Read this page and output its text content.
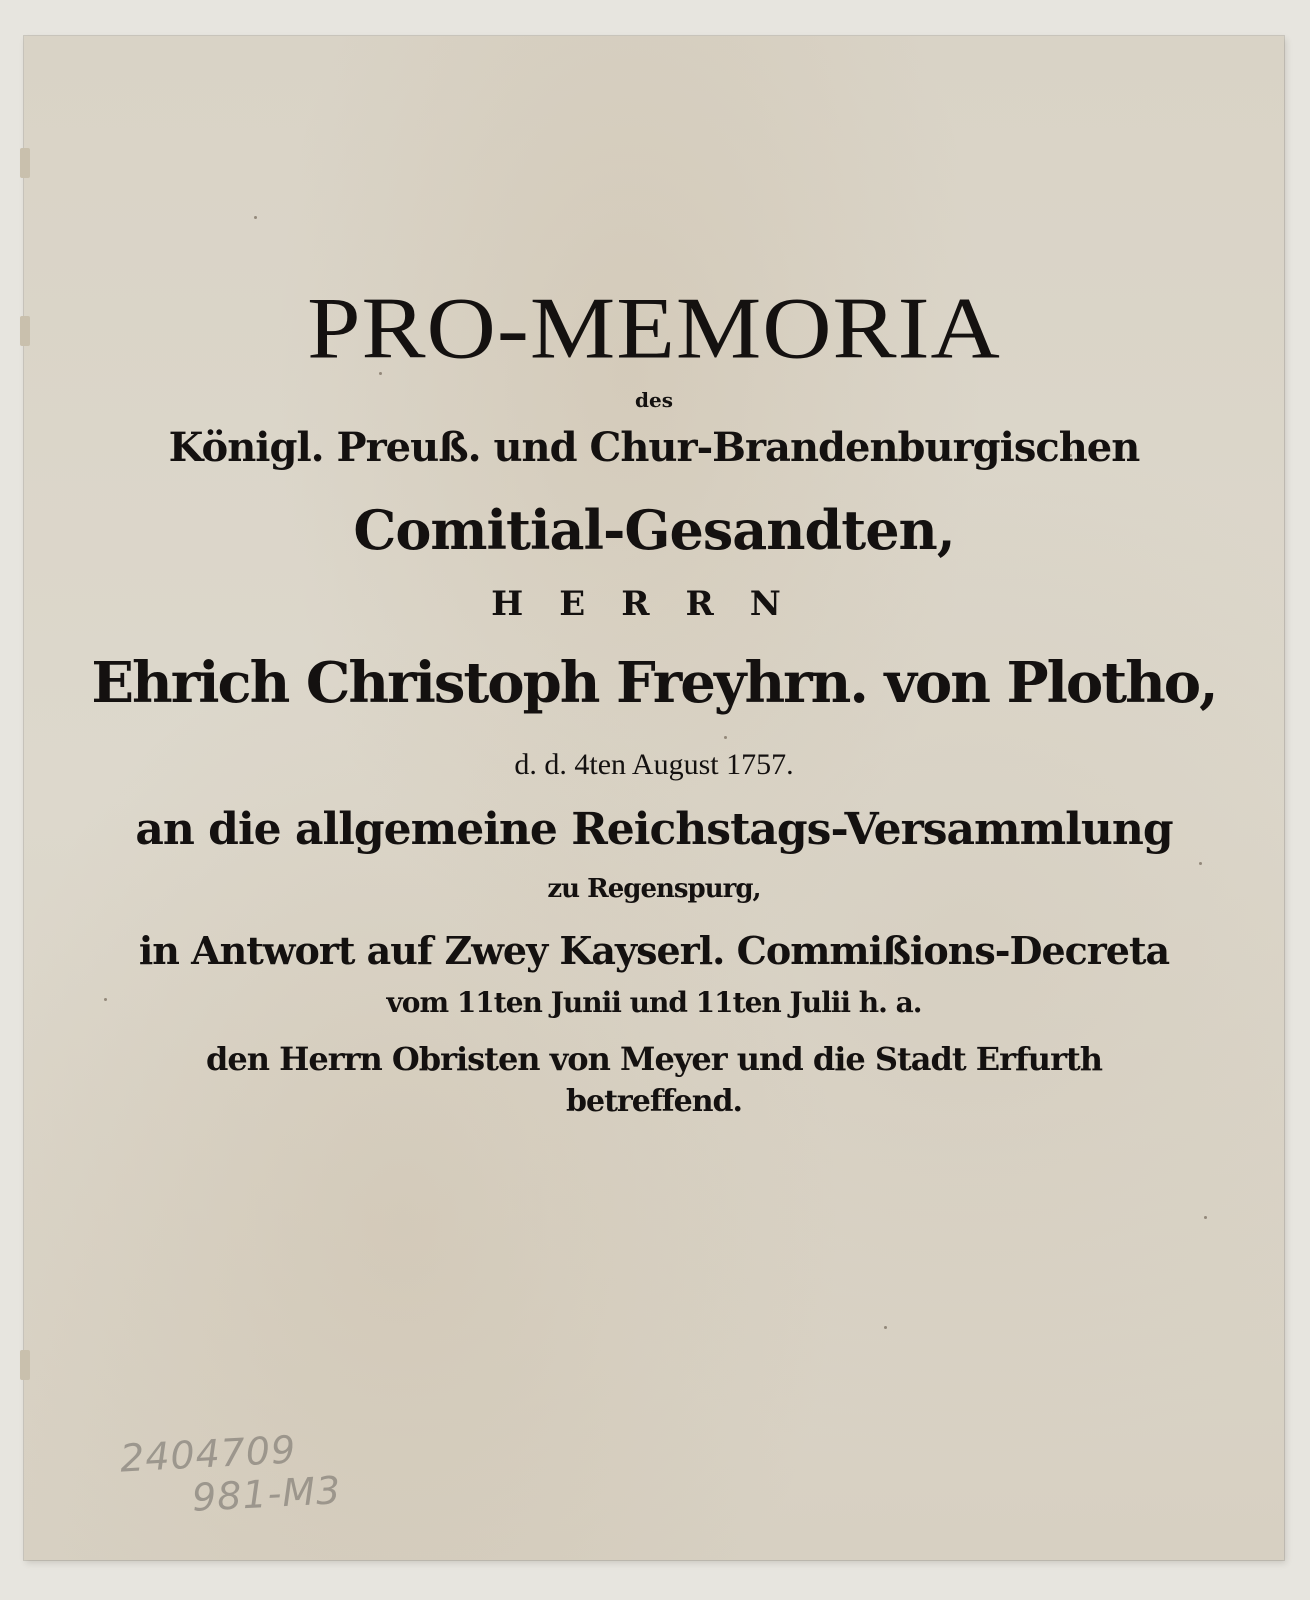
PRO-MEMORIA
des
Königl. Preuß. und Chur-Brandenburgischen
Comitial-Gesandten,
HERRN
Ehrich Christoph Freyhrn. von Plotho,
d. d. 4ten August 1757.
an die allgemeine Reichstags-Versammlung
zu Regenspurg,
in Antwort auf Zwey Kayserl. Commißions-Decreta
vom 11ten Junii und 11ten Julii h. a.
den Herrn Obristen von Meyer und die Stadt Erfurth
betreffend.
2404709
981-M3
